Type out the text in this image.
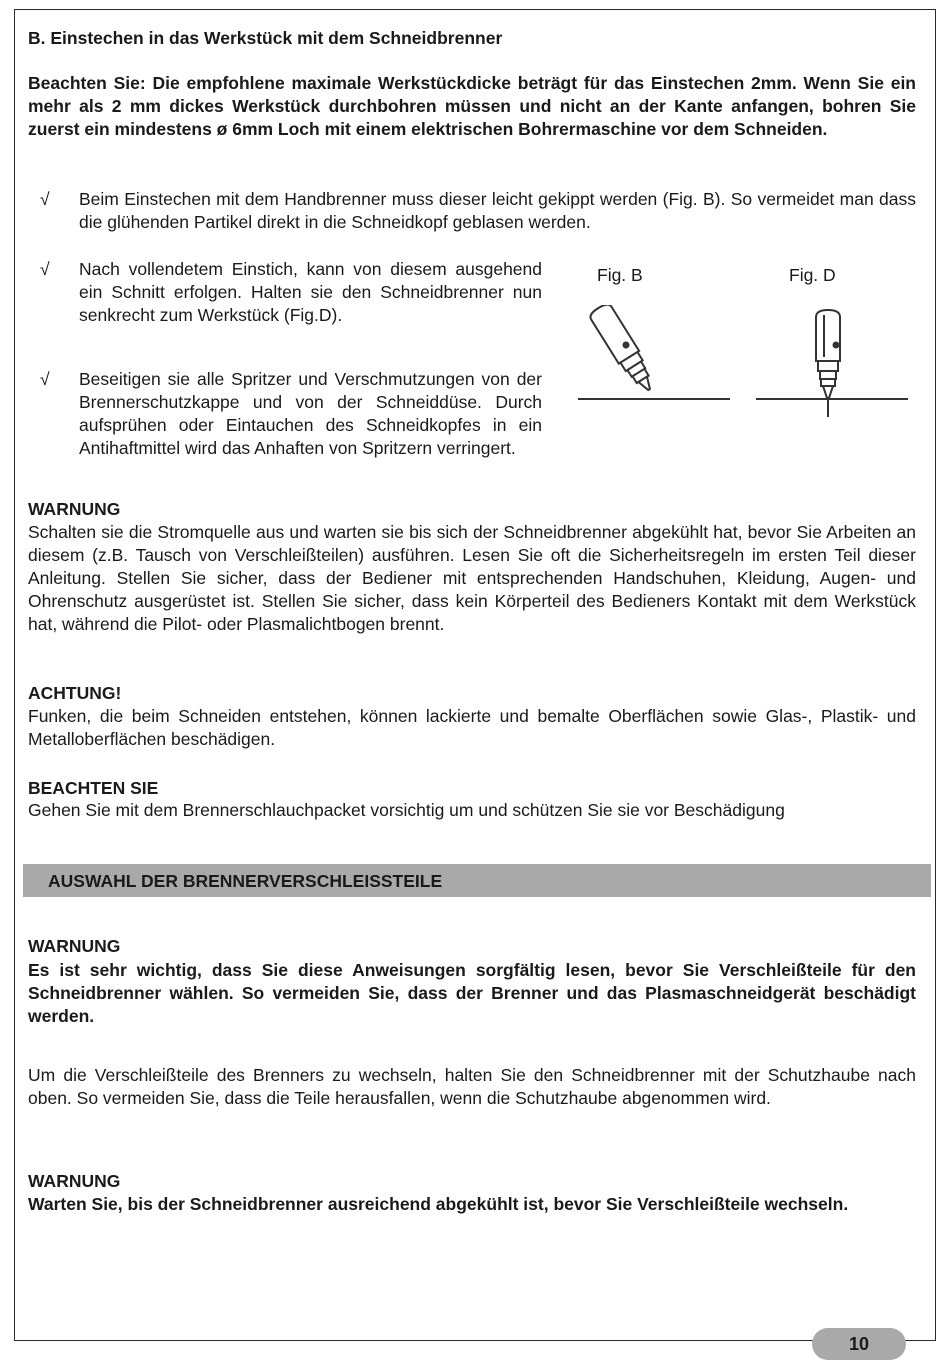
B. Einstechen in das Werkstück mit dem Schneidbrenner
Beachten Sie: Die empfohlene maximale Werkstückdicke beträgt für das Einstechen 2mm. Wenn Sie ein mehr als 2 mm dickes Werkstück durchbohren müssen und nicht an der Kante anfangen, bohren Sie zuerst ein mindestens ø 6mm Loch mit einem elektrischen Bohrermaschine vor dem Schneiden.
√ Beim Einstechen mit dem Handbrenner muss dieser leicht gekippt werden (Fig. B). So vermeidet man dass die glühenden Partikel direkt in die Schneidkopf geblasen werden.
√ Nach vollendetem Einstich, kann von diesem ausgehend ein Schnitt erfolgen. Halten sie den Schneidbrenner nun senkrecht zum Werkstück (Fig.D).
√ Beseitigen sie alle Spritzer und Verschmutzungen von der Brennerschutzkappe und von der Schneiddüse. Durch aufsprühen oder Eintauchen des Schneidkopfes in ein Antihaftmittel wird das Anhaften von Spritzern verringert.
Fig. B	Fig. D
WARNUNG
Schalten sie die Stromquelle aus und warten sie bis sich der Schneidbrenner abgekühlt hat, bevor Sie Arbeiten an diesem (z.B. Tausch von Verschleißteilen) ausführen. Lesen Sie oft die Sicherheitsregeln im ersten Teil dieser Anleitung. Stellen Sie sicher, dass der Bediener mit entsprechenden Handschuhen, Kleidung, Augen- und Ohrenschutz ausgerüstet ist. Stellen Sie sicher, dass kein Körperteil des Bedieners Kontakt mit dem Werkstück hat, während die Pilot- oder Plasmalichtbogen brennt.
ACHTUNG!
Funken, die beim Schneiden entstehen, können lackierte und bemalte Oberflächen sowie Glas-, Plastik- und Metalloberflächen beschädigen.
BEACHTEN SIE
Gehen Sie mit dem Brennerschlauchpacket vorsichtig um und schützen Sie sie vor Beschädigung
AUSWAHL DER BRENNERVERSCHLEISSTEILE
WARNUNG
Es ist sehr wichtig, dass Sie diese Anweisungen sorgfältig lesen, bevor Sie Verschleißteile für den Schneidbrenner wählen. So vermeiden Sie, dass der Brenner und das Plasmaschneidgerät beschädigt werden.
Um die Verschleißteile des Brenners zu wechseln, halten Sie den Schneidbrenner mit der Schutzhaube nach oben. So vermeiden Sie, dass die Teile herausfallen, wenn die Schutzhaube abgenommen wird.
WARNUNG
Warten Sie, bis der Schneidbrenner ausreichend abgekühlt ist, bevor Sie Verschleißteile wechseln.
10
